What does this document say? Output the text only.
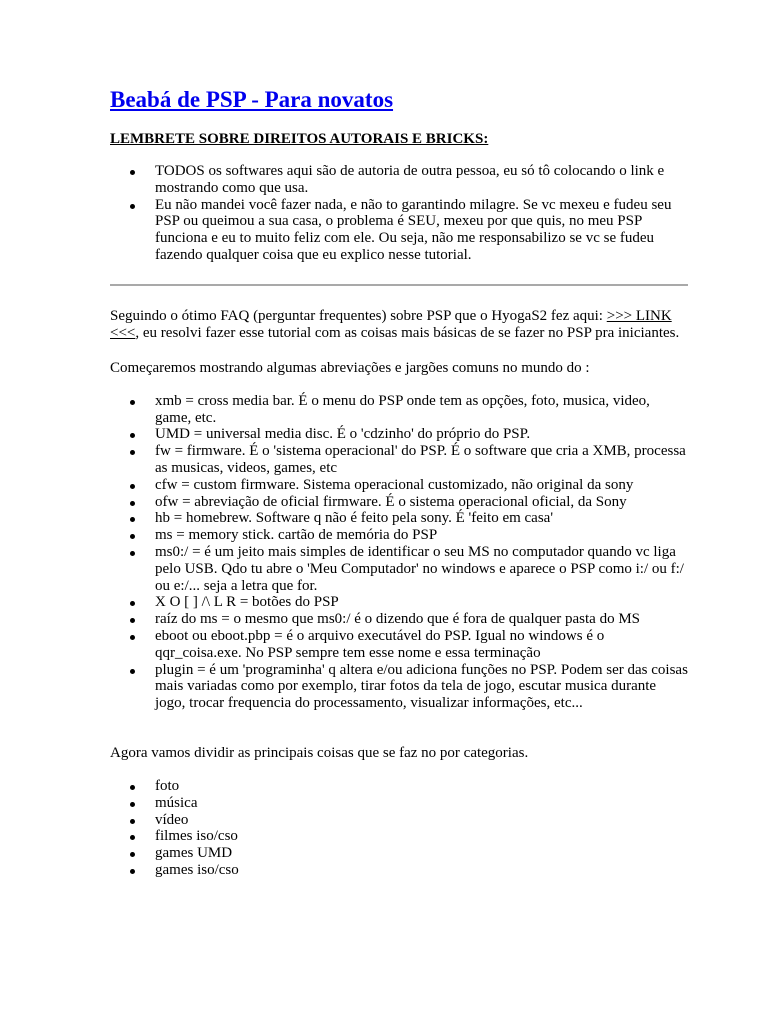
Beabá de PSP - Para novatos
LEMBRETE SOBRE DIREITOS AUTORAIS E BRICKS:
TODOS os softwares aqui são de autoria de outra pessoa, eu só tô colocando o link e mostrando como que usa.
Eu não mandei você fazer nada, e não to garantindo milagre. Se vc mexeu e fudeu seu PSP ou queimou a sua casa, o problema é SEU, mexeu por que quis, no meu PSP funciona e eu to muito feliz com ele. Ou seja, não me responsabilizo se vc se fudeu fazendo qualquer coisa que eu explico nesse tutorial.

Seguindo o ótimo FAQ (perguntar frequentes) sobre PSP que o HyogaS2 fez aqui: >>> LINK <<<, eu resolvi fazer esse tutorial com as coisas mais básicas de se fazer no PSP pra iniciantes.

Começaremos mostrando algumas abreviações e jargões comuns no mundo do :

xmb = cross media bar. É o menu do PSP onde tem as opções, foto, musica, video, game, etc.
UMD = universal media disc. É o 'cdzinho' do próprio do PSP.
fw = firmware. É o 'sistema operacional' do PSP. É o software que cria a XMB, processa as musicas, videos, games, etc
cfw = custom firmware. Sistema operacional customizado, não original da sony
ofw = abreviação de oficial firmware. É o sistema operacional oficial, da Sony
hb = homebrew. Software q não é feito pela sony. É 'feito em casa'
ms = memory stick. cartão de memória do PSP
ms0:/ = é um jeito mais simples de identificar o seu MS no computador quando vc liga pelo USB. Qdo tu abre o 'Meu Computador' no windows e aparece o PSP como i:/ ou f:/ ou e:/... seja a letra que for.
X O [ ] /\ L R = botões do PSP
raíz do ms = o mesmo que ms0:/ é o dizendo que é fora de qualquer pasta do MS
eboot ou eboot.pbp = é o arquivo executável do PSP. Igual no windows é o qqr_coisa.exe. No PSP sempre tem esse nome e essa terminação
plugin = é um 'programinha' q altera e/ou adiciona funções no PSP. Podem ser das coisas mais variadas como por exemplo, tirar fotos da tela de jogo, escutar musica durante jogo, trocar frequencia do processamento, visualizar informações, etc...

Agora vamos dividir as principais coisas que se faz no por categorias.

foto
música
vídeo
filmes iso/cso
games UMD
games iso/cso
